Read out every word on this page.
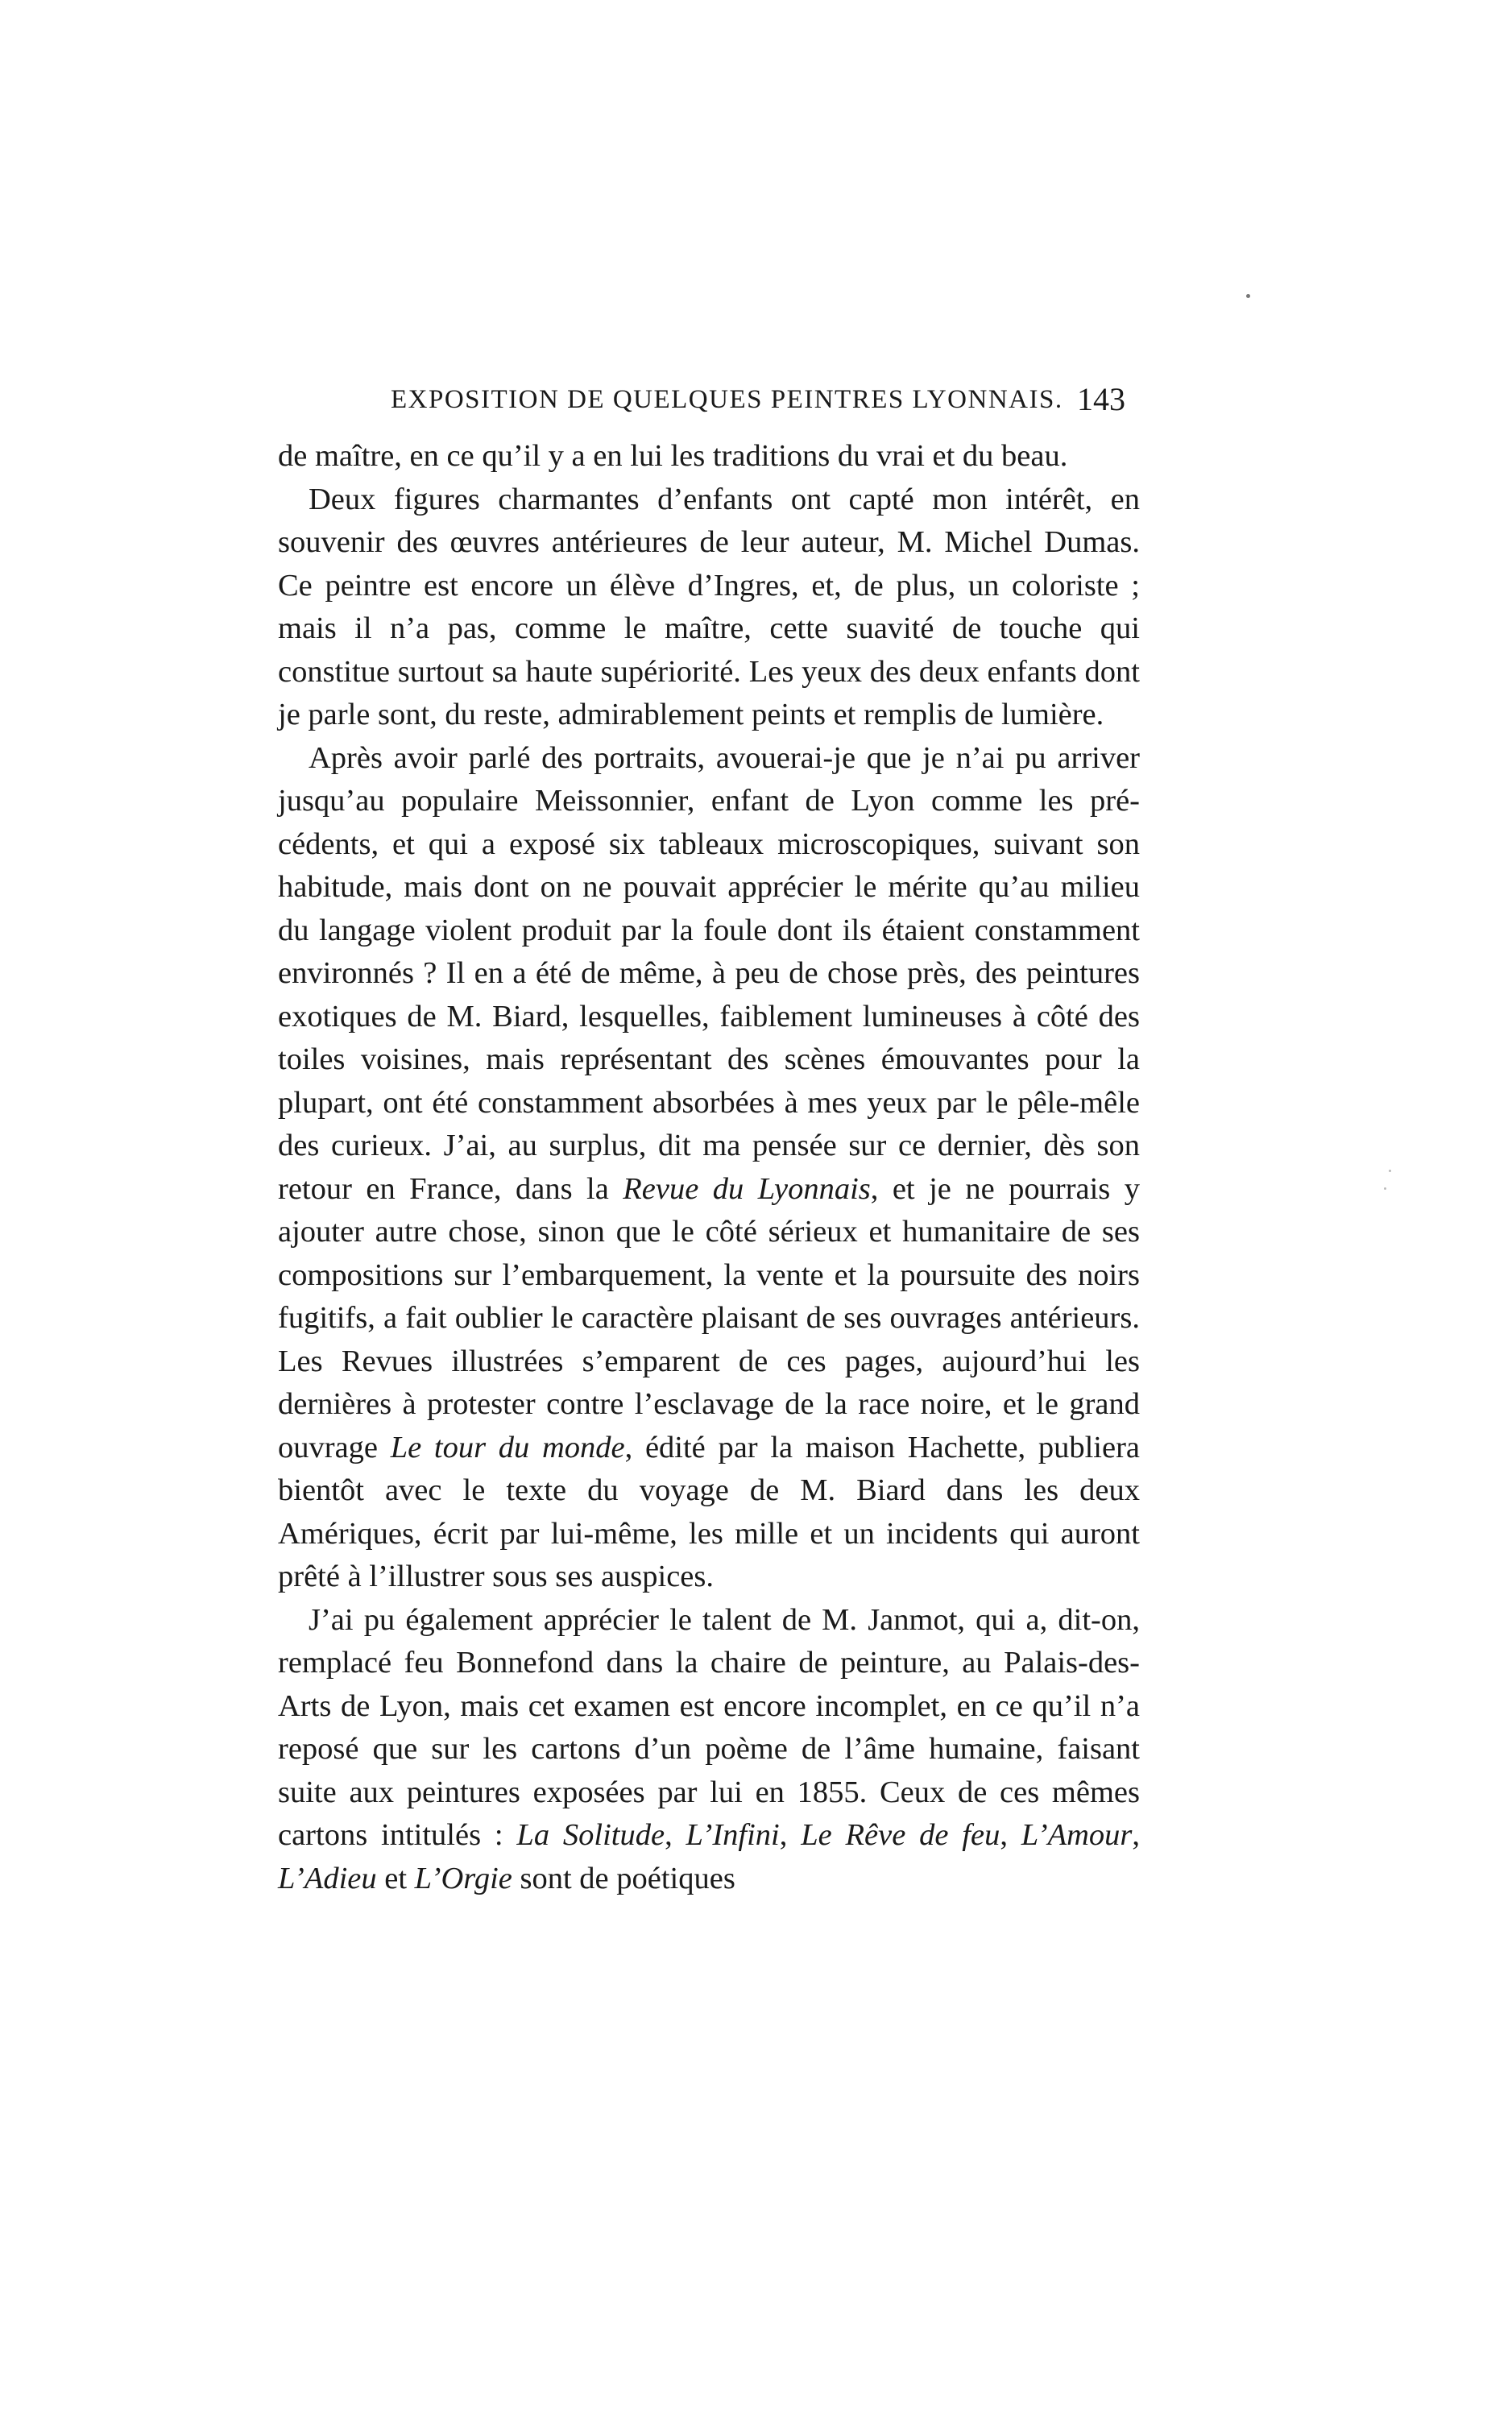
EXPOSITION DE QUELQUES PEINTRES LYONNAIS. 143

de maître, en ce qu’il y a en lui les traditions du vrai et du beau.

Deux figures charmantes d’enfants ont capté mon intérêt, en souvenir des œuvres antérieures de leur auteur, M. Michel Dumas. Ce peintre est encore un élève d’Ingres, et, de plus, un coloriste ; mais il n’a pas, comme le maître, cette suavité de touche qui constitue surtout sa haute supériorité. Les yeux des deux enfants dont je parle sont, du reste, admirablement peints et remplis de lumière.

Après avoir parlé des portraits, avouerai-je que je n’ai pu arriver jusqu’au populaire Meissonnier, enfant de Lyon comme les précédents, et qui a exposé six tableaux microscopiques, suivant son habitude, mais dont on ne pouvait apprécier le mérite qu’au milieu du langage violent produit par la foule dont ils étaient constamment environnés ? Il en a été de même, à peu de chose près, des peintures exotiques de M. Biard, lesquelles, faiblement lumineuses à côté des toiles voisines, mais représentant des scènes émouvantes pour la plupart, ont été constamment absorbées à mes yeux par le pêle-mêle des curieux. J’ai, au surplus, dit ma pensée sur ce dernier, dès son retour en France, dans la Revue du Lyonnais, et je ne pourrais y ajouter autre chose, sinon que le côté sérieux et humanitaire de ses compositions sur l’embarquement, la vente et la poursuite des noirs fugitifs, a fait oublier le caractère plaisant de ses ouvrages antérieurs. Les Revues illustrées s’emparent de ces pages, aujourd’hui les dernières à protester contre l’esclavage de la race noire, et le grand ouvrage Le tour du monde, édité par la maison Hachette, publiera bientôt avec le texte du voyage de M. Biard dans les deux Amériques, écrit par lui-même, les mille et un incidents qui auront prêté à l’illustrer sous ses auspices.

J’ai pu également apprécier le talent de M. Janmot, qui a, dit-on, remplacé feu Bonnefond dans la chaire de peinture, au Palais-des-Arts de Lyon, mais cet examen est encore incomplet, en ce qu’il n’a reposé que sur les cartons d’un poème de l’âme humaine, faisant suite aux peintures exposées par lui en 1855. Ceux de ces mêmes cartons intitulés : La Solitude, L’Infini, Le Rêve de feu, L’Amour, L’Adieu et L’Orgie sont de poétiques
